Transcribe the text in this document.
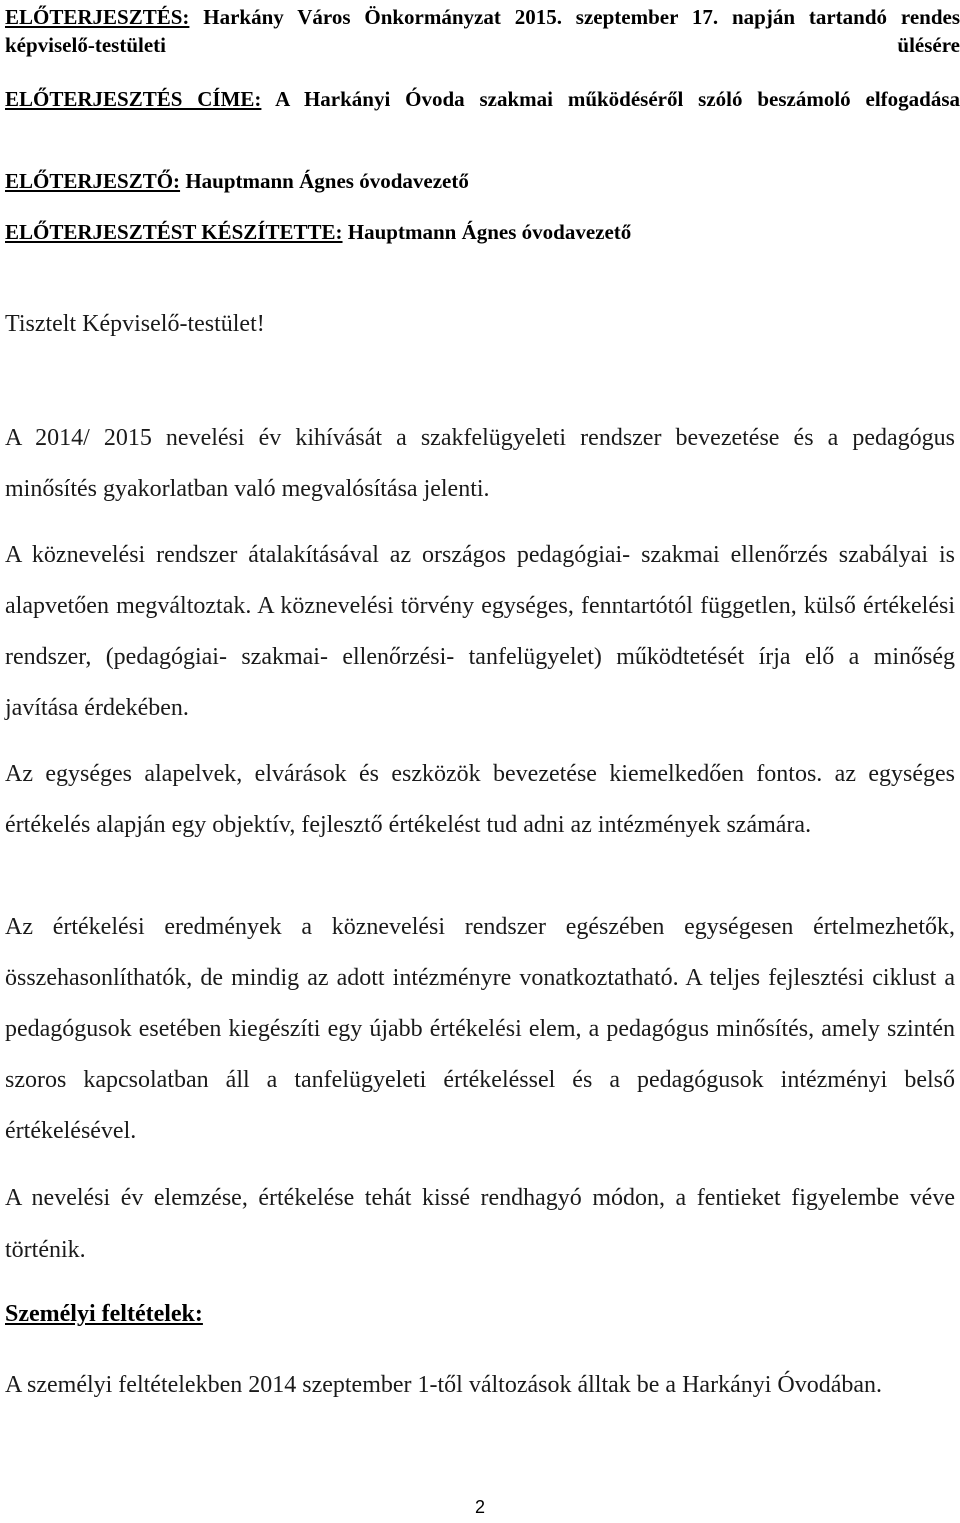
ELŐTERJESZTÉS: Harkány Város Önkormányzat 2015. szeptember 17. napján tartandó rendes képviselő-testületi ülésére
ELŐTERJESZTÉS CÍME: A Harkányi Óvoda szakmai működéséről szóló beszámoló elfogadása
ELŐTERJESZTŐ: Hauptmann Ágnes óvodavezető
ELŐTERJESZTÉST KÉSZÍTETTE: Hauptmann Ágnes óvodavezető
Tisztelt Képviselő-testület!
A 2014/ 2015 nevelési év kihívását a szakfelügyeleti rendszer bevezetése és a pedagógus minősítés gyakorlatban való megvalósítása jelenti.
A köznevelési rendszer átalakításával az országos pedagógiai- szakmai ellenőrzés szabályai is alapvetően megváltoztak. A köznevelési törvény egységes, fenntartótól független, külső értékelési rendszer, (pedagógiai- szakmai- ellenőrzési- tanfelügyelet) működtetését írja elő a minőség javítása érdekében.
Az egységes alapelvek, elvárások és eszközök bevezetése kiemelkedően fontos. az egységes értékelés alapján egy objektív, fejlesztő értékelést tud adni az intézmények számára.
Az értékelési eredmények a köznevelési rendszer egészében egységesen értelmezhetők, összehasonlíthatók, de mindig az adott intézményre vonatkoztatható. A teljes fejlesztési ciklust a pedagógusok esetében kiegészíti egy újabb értékelési elem, a pedagógus minősítés, amely szintén szoros kapcsolatban áll a tanfelügyeleti értékeléssel és a pedagógusok intézményi belső értékelésével.
A nevelési év elemzése, értékelése tehát kissé rendhagyó módon, a fentieket figyelembe véve történik.
Személyi feltételek:
A személyi feltételekben 2014 szeptember 1-től változások álltak be a Harkányi Óvodában.
2
